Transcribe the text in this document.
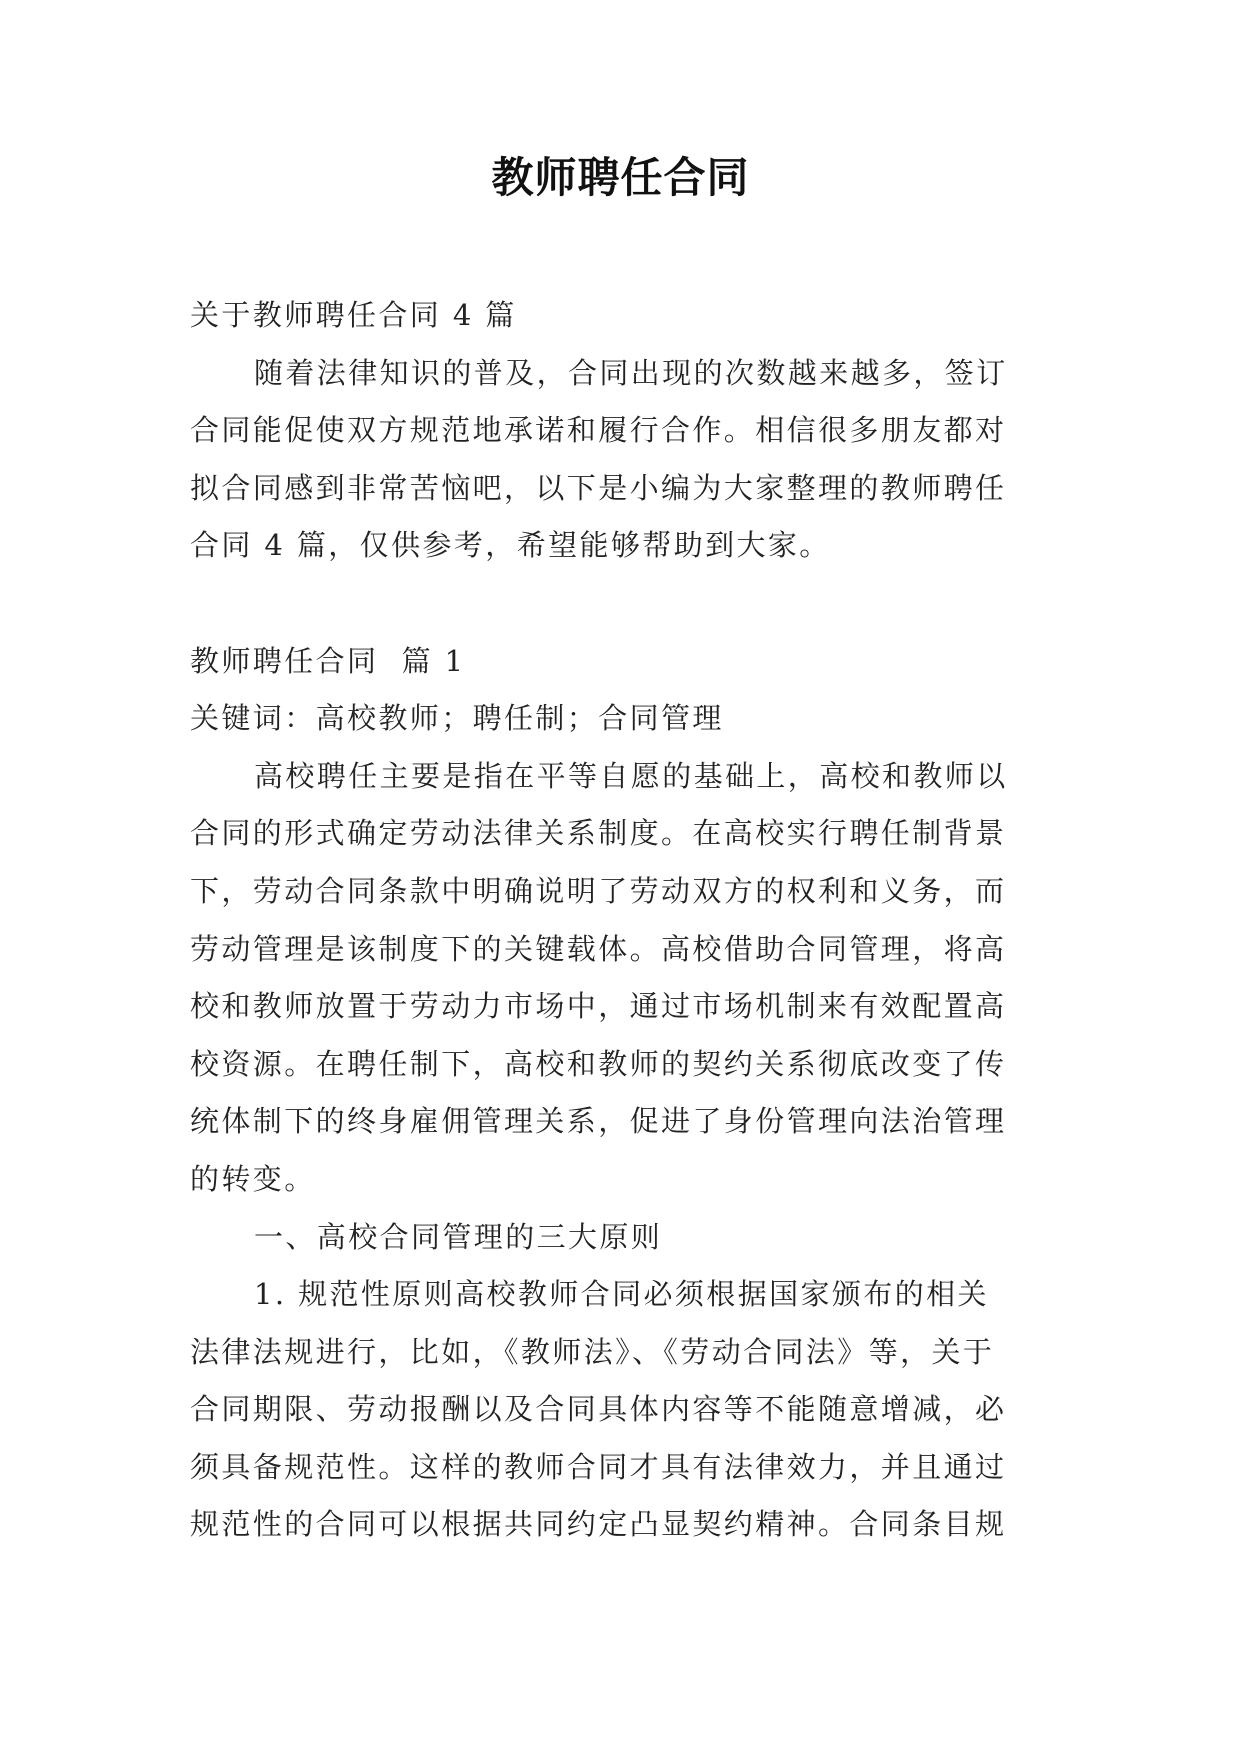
教师聘任合同
关于教师聘任合同 4 篇
随着法律知识的普及，合同出现的次数越来越多，签订
合同能促使双方规范地承诺和履行合作。相信很多朋友都对
拟合同感到非常苦恼吧，以下是小编为大家整理的教师聘任
合同 4 篇，仅供参考，希望能够帮助到大家。
教师聘任合同  篇 1
关键词：高校教师；聘任制；合同管理
高校聘任主要是指在平等自愿的基础上，高校和教师以
合同的形式确定劳动法律关系制度。在高校实行聘任制背景
下，劳动合同条款中明确说明了劳动双方的权利和义务，而
劳动管理是该制度下的关键载体。高校借助合同管理，将高
校和教师放置于劳动力市场中，通过市场机制来有效配置高
校资源。在聘任制下，高校和教师的契约关系彻底改变了传
统体制下的终身雇佣管理关系，促进了身份管理向法治管理
的转变。
一、高校合同管理的三大原则
1. 规范性原则高校教师合同必须根据国家颁布的相关
法律法规进行，比如，《教师法》、《劳动合同法》等，关于
合同期限、劳动报酬以及合同具体内容等不能随意增减，必
须具备规范性。这样的教师合同才具有法律效力，并且通过
规范性的合同可以根据共同约定凸显契约精神。合同条目规
